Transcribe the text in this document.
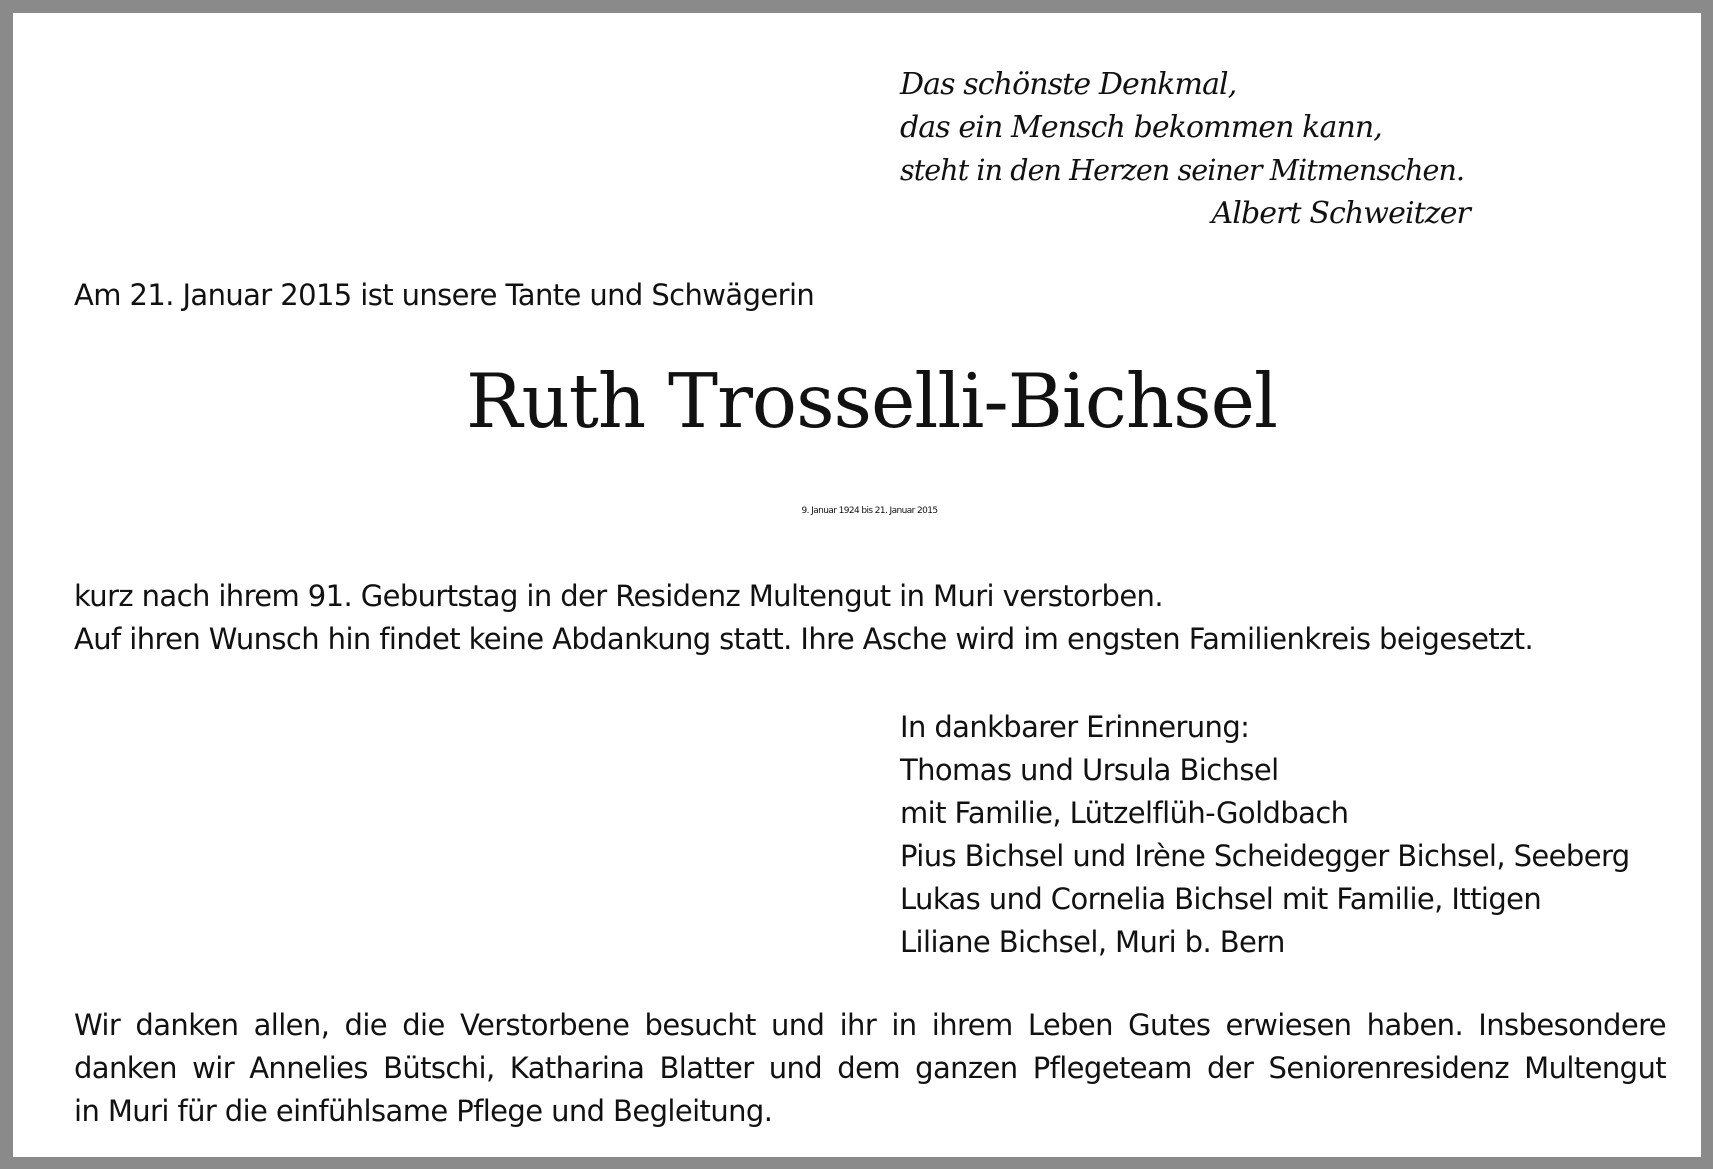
Das schönste Denkmal,
das ein Mensch bekommen kann,
steht in den Herzen seiner Mitmenschen.
Albert Schweitzer
Am 21. Januar 2015 ist unsere Tante und Schwägerin
Ruth Trosselli-Bichsel
9. Januar 1924 bis 21. Januar 2015
kurz nach ihrem 91. Geburtstag in der Residenz Multengut in Muri verstorben.
Auf ihren Wunsch hin findet keine Abdankung statt. Ihre Asche wird im engsten Familienkreis beigesetzt.
In dankbarer Erinnerung:
Thomas und Ursula Bichsel
mit Familie, Lützelflüh-Goldbach
Pius Bichsel und Irène Scheidegger Bichsel, Seeberg
Lukas und Cornelia Bichsel mit Familie, Ittigen
Liliane Bichsel, Muri b. Bern
Wir danken allen, die die Verstorbene besucht und ihr in ihrem Leben Gutes erwiesen haben. Insbesondere
danken wir Annelies Bütschi, Katharina Blatter und dem ganzen Pflegeteam der Seniorenresidenz Multengut
in Muri für die einfühlsame Pflege und Begleitung.
